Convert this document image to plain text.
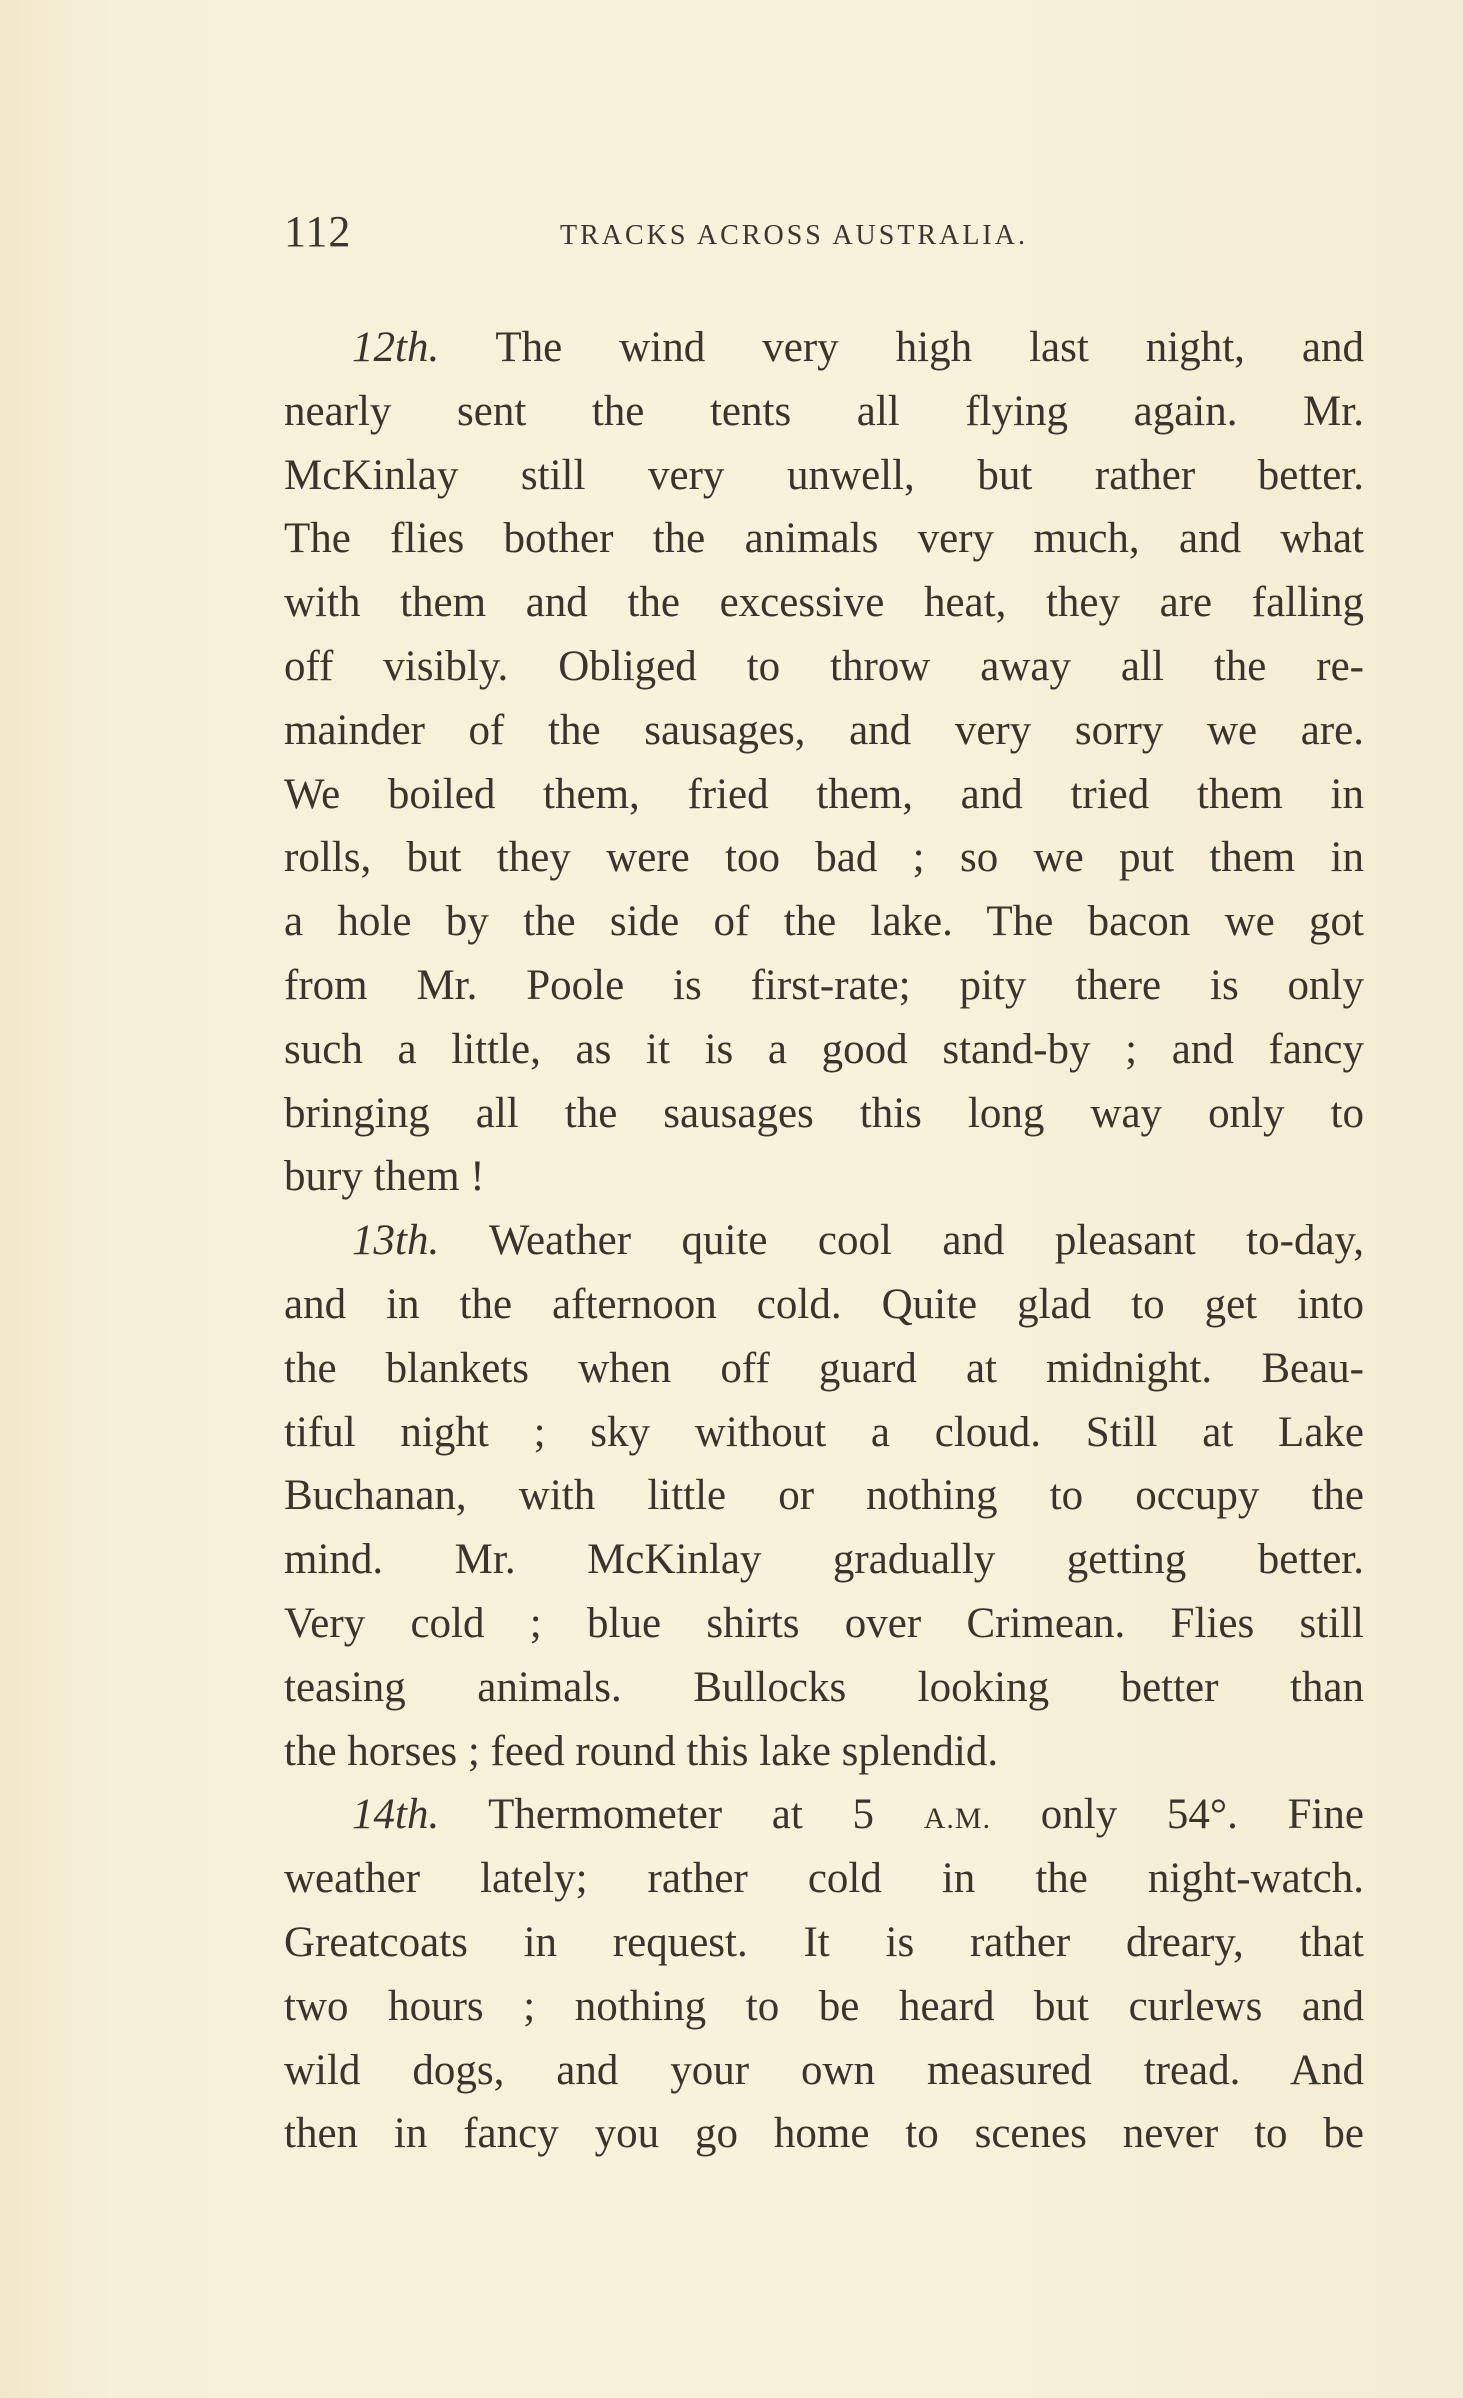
112	TRACKS ACROSS AUSTRALIA.
12th. The wind very high last night, and
nearly sent the tents all flying again. Mr.
McKinlay still very unwell, but rather better.
The flies bother the animals very much, and what
with them and the excessive heat, they are falling
off visibly. Obliged to throw away all the re-
mainder of the sausages, and very sorry we are.
We boiled them, fried them, and tried them in
rolls, but they were too bad ; so we put them in
a hole by the side of the lake. The bacon we got
from Mr. Poole is first-rate; pity there is only
such a little, as it is a good stand-by ; and fancy
bringing all the sausages this long way only to
bury them !
13th. Weather quite cool and pleasant to-day,
and in the afternoon cold. Quite glad to get into
the blankets when off guard at midnight. Beau-
tiful night ; sky without a cloud. Still at Lake
Buchanan, with little or nothing to occupy the
mind. Mr. McKinlay gradually getting better.
Very cold ; blue shirts over Crimean. Flies still
teasing animals. Bullocks looking better than
the horses ; feed round this lake splendid.
14th. Thermometer at 5 A.M. only 54°. Fine
weather lately; rather cold in the night-watch.
Greatcoats in request. It is rather dreary, that
two hours ; nothing to be heard but curlews and
wild dogs, and your own measured tread. And
then in fancy you go home to scenes never to be
